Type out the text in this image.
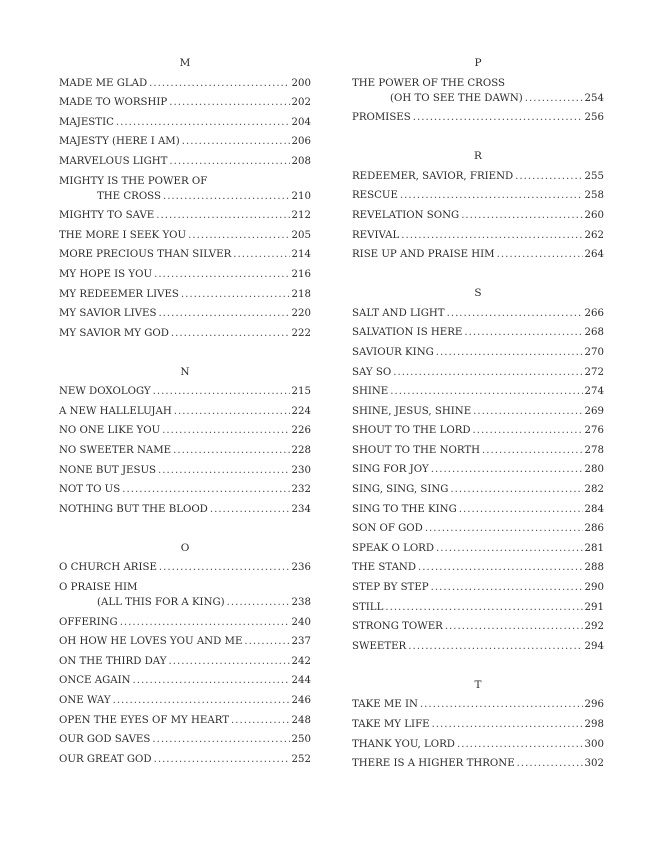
M
MADE ME GLAD .....	200
MADE TO WORSHIP .....	202
MAJESTIC .....	204
MAJESTY (HERE I AM) .....	206
MARVELOUS LIGHT .....	208
MIGHTY IS THE POWER OF
THE CROSS .....	210
MIGHTY TO SAVE .....	212
THE MORE I SEEK YOU .....	205
MORE PRECIOUS THAN SILVER .....	214
MY HOPE IS YOU .....	216
MY REDEEMER LIVES .....	218
MY SAVIOR LIVES .....	220
MY SAVIOR MY GOD .....	222
N
NEW DOXOLOGY .....	215
A NEW HALLELUJAH .....	224
NO ONE LIKE YOU .....	226
NO SWEETER NAME .....	228
NONE BUT JESUS .....	230
NOT TO US .....	232
NOTHING BUT THE BLOOD .....	234
O
O CHURCH ARISE .....	236
O PRAISE HIM
(ALL THIS FOR A KING) .....	238
OFFERING .....	240
OH HOW HE LOVES YOU AND ME .....	237
ON THE THIRD DAY .....	242
ONCE AGAIN .....	244
ONE WAY .....	246
OPEN THE EYES OF MY HEART .....	248
OUR GOD SAVES .....	250
OUR GREAT GOD .....	252
P
THE POWER OF THE CROSS
(OH TO SEE THE DAWN) .....	254
PROMISES .....	256
R
REDEEMER, SAVIOR, FRIEND .....	255
RESCUE .....	258
REVELATION SONG .....	260
REVIVAL .....	262
RISE UP AND PRAISE HIM .....	264
S
SALT AND LIGHT .....	266
SALVATION IS HERE .....	268
SAVIOUR KING .....	270
SAY SO .....	272
SHINE .....	274
SHINE, JESUS, SHINE .....	269
SHOUT TO THE LORD .....	276
SHOUT TO THE NORTH .....	278
SING FOR JOY .....	280
SING, SING, SING .....	282
SING TO THE KING .....	284
SON OF GOD .....	286
SPEAK O LORD .....	281
THE STAND .....	288
STEP BY STEP .....	290
STILL .....	291
STRONG TOWER .....	292
SWEETER .....	294
T
TAKE ME IN .....	296
TAKE MY LIFE .....	298
THANK YOU, LORD .....	300
THERE IS A HIGHER THRONE .....	302
